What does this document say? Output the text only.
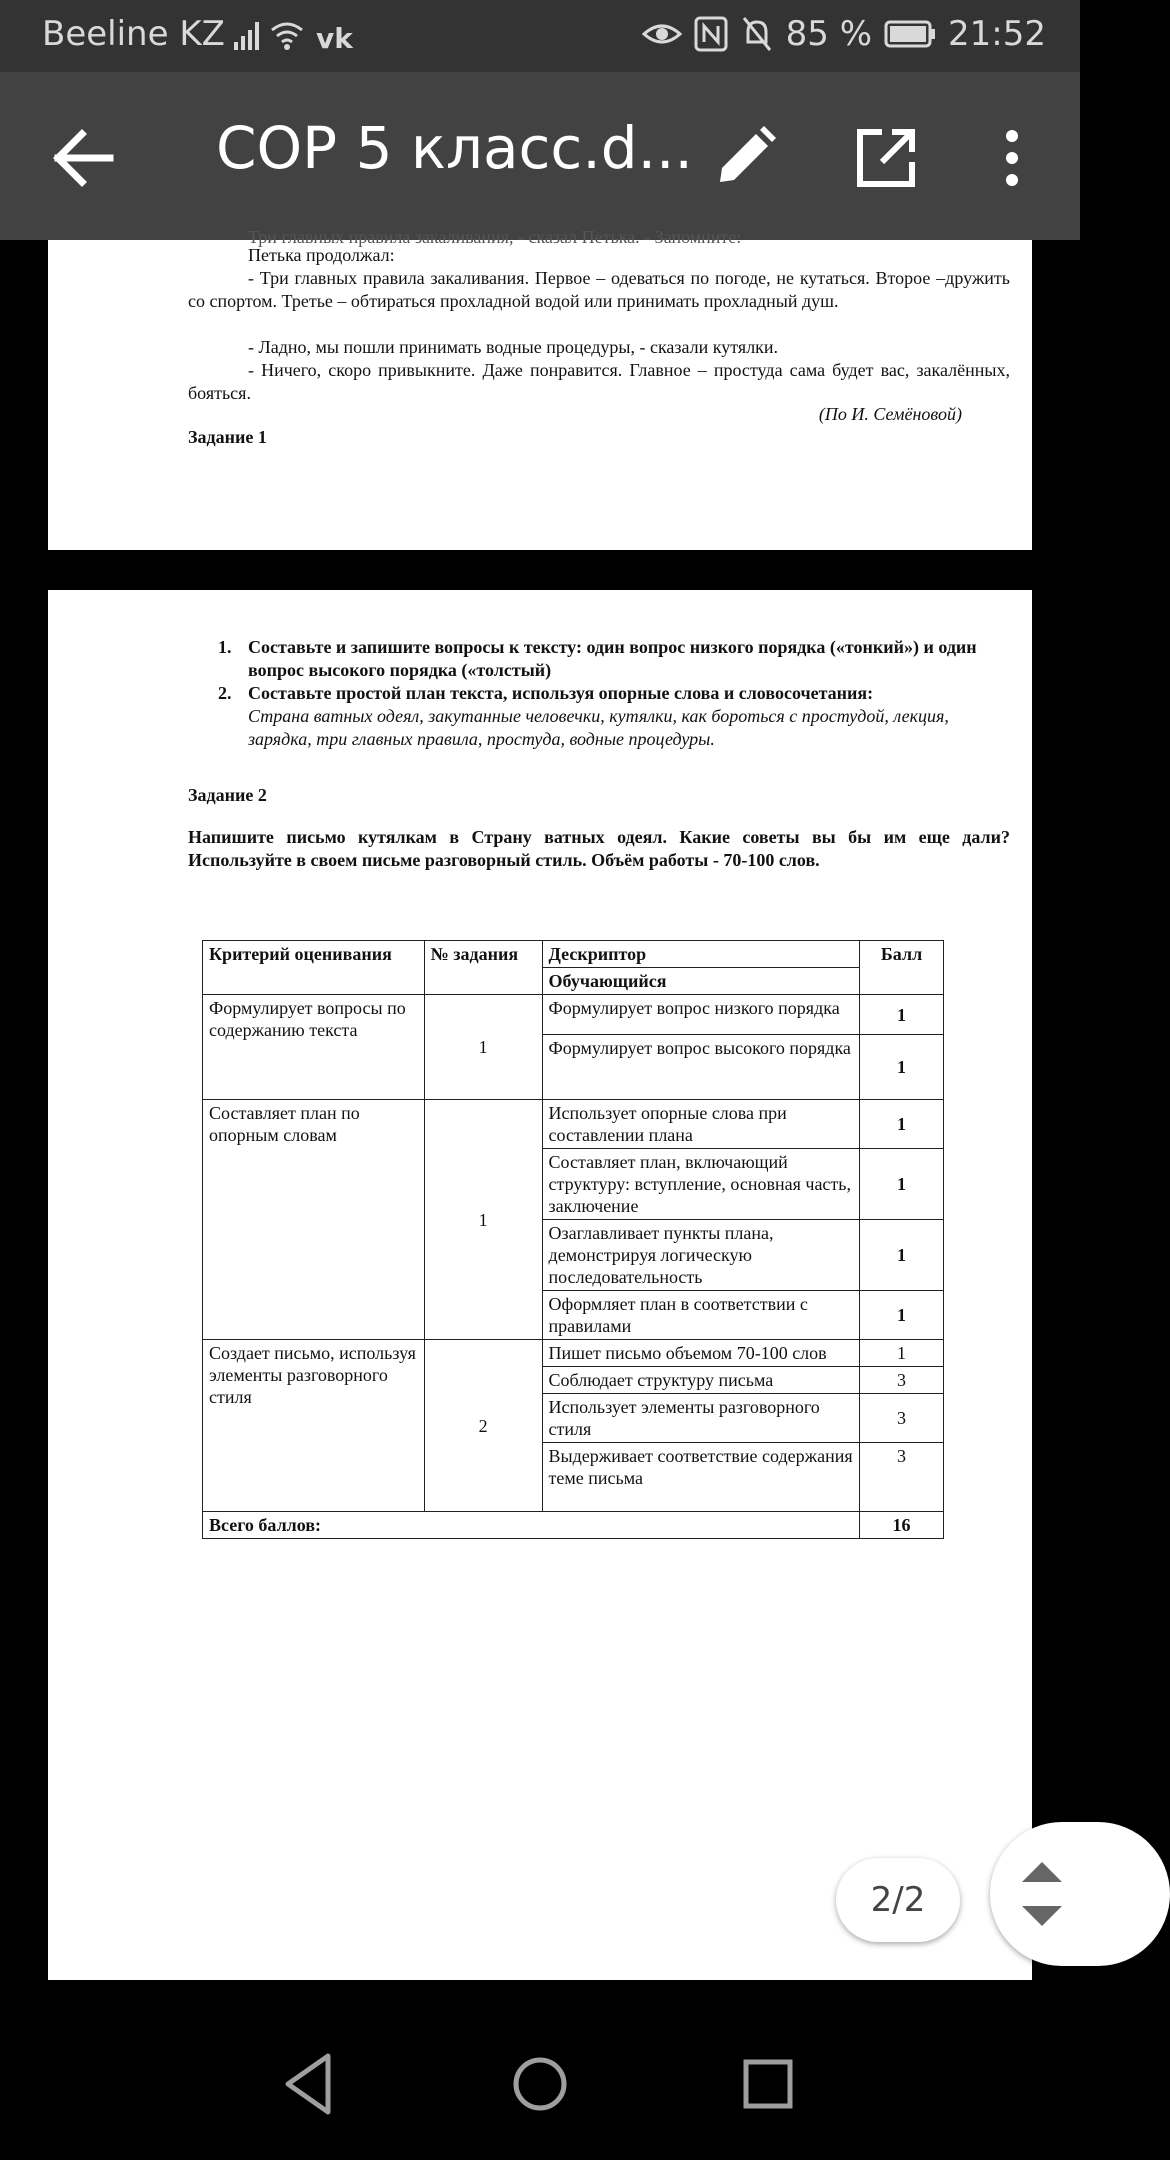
Beeline KZ	vk	85 % 21:52
СОР 5 класс.d...

Три главных правила закаливания, - сказал Петька. - Запомните:

Петька продолжал:

- Три главных правила закаливания. Первое – одеваться по погоде, не кутаться. Второе –дружить со спортом. Третье – обтираться прохладной водой или принимать прохладный душ.

- Ладно, мы пошли принимать водные процедуры, - сказали кутялки.

- Ничего, скоро привыкните. Даже понравится. Главное – простуда сама будет вас, закалённых, бояться.

(По И. Семёновой)

Задание 1

1. Составьте и запишите вопросы к тексту: один вопрос низкого порядка («тонкий») и один вопрос высокого порядка («толстый)

2. Составьте простой план текста, используя опорные слова и словосочетания:

Страна ватных одеял, закутанные человечки, кутялки, как бороться с простудой, лекция, зарядка, три главных правила, простуда, водные процедуры.

Задание 2

Напишите письмо кутялкам в Страну ватных одеял. Какие советы вы бы им еще дали? Используйте в своем письме разговорный стиль. Объём работы - 70-100 слов.

Критерий оценивания	№ задания	Дескриптор	Балл
		Обучающийся	
Формулирует вопросы по содержанию текста	1	Формулирует вопрос низкого порядка	1
		Формулирует вопрос высокого порядка	1
Составляет план по опорным словам	1	Использует опорные слова при составлении плана	1
		Составляет план, включающий структуру: вступление, основная часть, заключение	1
		Озаглавливает пункты плана, демонстрируя логическую последовательность	1
		Оформляет план в соответствии с правилами	1
Создает письмо, используя элементы разговорного стиля	2	Пишет письмо объемом 70-100 слов	1
		Соблюдает структуру письма	3
		Использует элементы разговорного стиля	3
		Выдерживает соответствие содержания теме письма	3
Всего баллов:			16
2/2
